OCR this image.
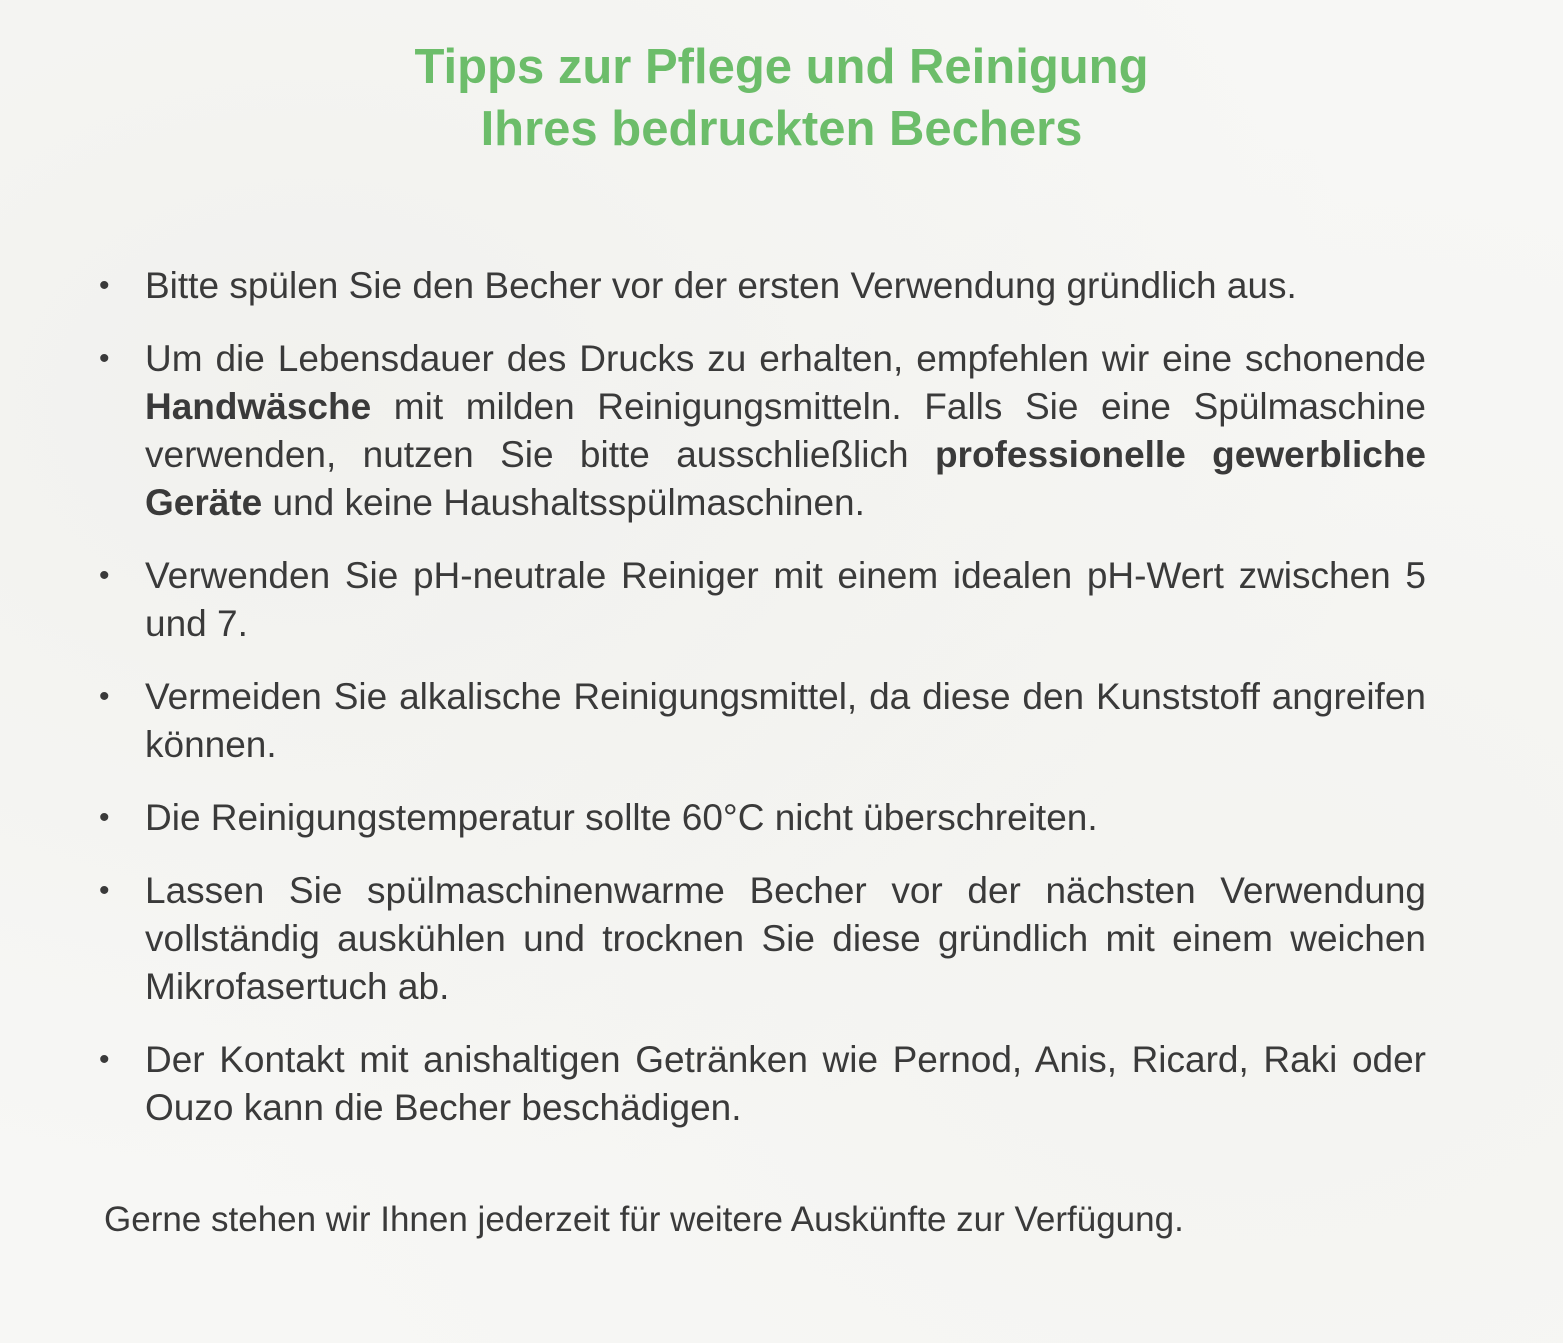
Tipps zur Pflege und Reinigung
Ihres bedruckten Bechers
• Bitte spülen Sie den Becher vor der ersten Verwendung gründlich aus.
• Um die Lebensdauer des Drucks zu erhalten, empfehlen wir eine schonende Handwäsche mit milden Reinigungsmitteln. Falls Sie eine Spülmaschine verwenden, nutzen Sie bitte ausschließlich professionelle gewerbliche Geräte und keine Haushaltsspülmaschinen.
• Verwenden Sie pH-neutrale Reiniger mit einem idealen pH-Wert zwischen 5 und 7.
• Vermeiden Sie alkalische Reinigungsmittel, da diese den Kunststoff angreifen können.
• Die Reinigungstemperatur sollte 60°C nicht überschreiten.
• Lassen Sie spülmaschinenwarme Becher vor der nächsten Verwendung vollständig auskühlen und trocknen Sie diese gründlich mit einem weichen Mikrofasertuch ab.
• Der Kontakt mit anishaltigen Getränken wie Pernod, Anis, Ricard, Raki oder Ouzo kann die Becher beschädigen.

Gerne stehen wir Ihnen jederzeit für weitere Auskünfte zur Verfügung.
